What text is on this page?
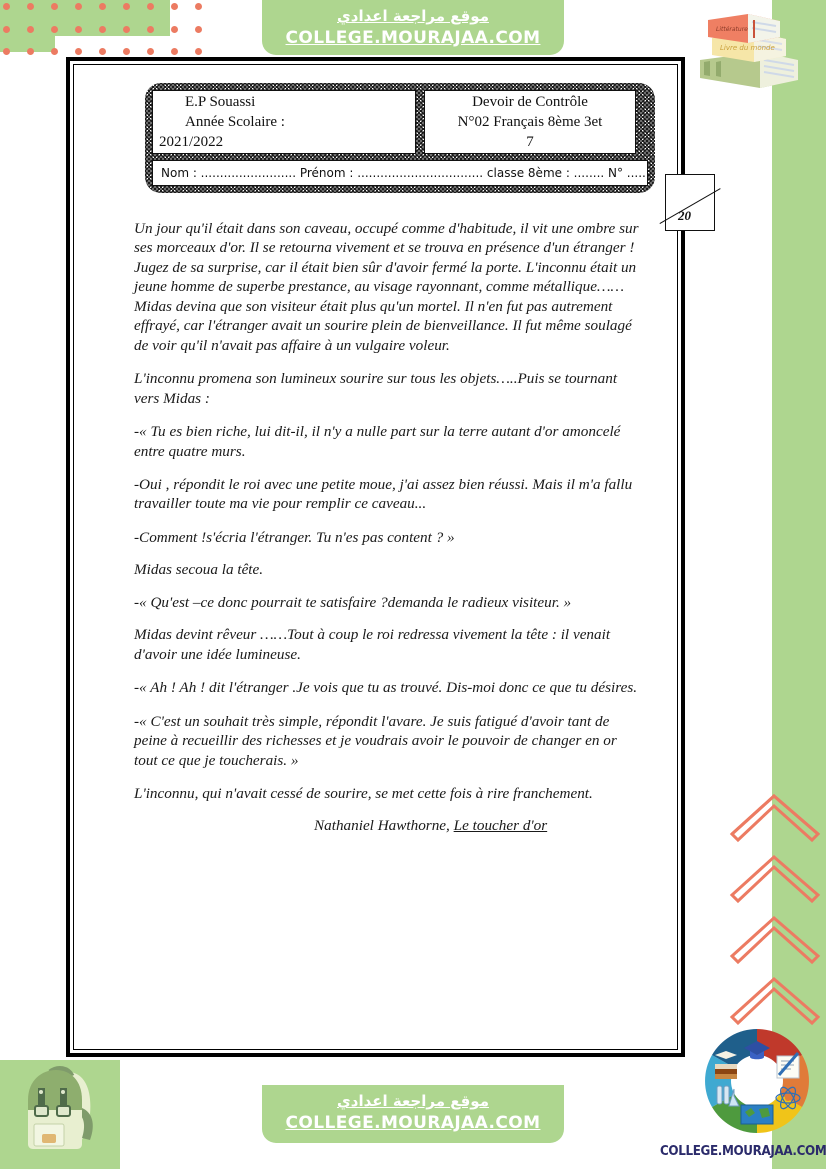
موقع مراجعة اعدادي
COLLEGE.MOURAJAA.COM
Livre du monde
Littérature
E.P Souassi
Année Scolaire :
2021/2022
Devoir de Contrôle
N°02 Français 8ème 3et
7
Nom : ......................... Prénom : ................................. classe 8ème : ........ N° ......
20

Un jour qu'il était dans son caveau, occupé comme d'habitude, il vit une ombre sur ses morceaux d'or. Il se retourna vivement et se trouva en présence d'un étranger ! Jugez de sa surprise, car il était bien sûr d'avoir fermé la porte. L'inconnu était un jeune homme de superbe prestance, au visage rayonnant, comme métallique……Midas devina que son visiteur était plus qu'un mortel. Il n'en fut pas autrement effrayé, car l'étranger avait un sourire plein de bienveillance. Il fut même soulagé de voir qu'il n'avait pas affaire à un vulgaire voleur.

L'inconnu promena son lumineux sourire sur tous les objets…..Puis se tournant vers Midas :

-« Tu es bien riche, lui dit-il, il n'y a nulle part sur la terre autant d'or amoncelé entre quatre murs.

-Oui , répondit le roi avec une petite moue, j'ai assez bien réussi. Mais il m'a fallu travailler toute ma vie pour remplir ce caveau...

-Comment !s'écria l'étranger. Tu n'es pas content ? »

Midas secoua la tête.

-« Qu'est –ce donc pourrait te satisfaire ?demanda le radieux visiteur. »

Midas devint rêveur ……Tout à coup le roi redressa vivement la tête : il venait d'avoir une idée lumineuse.

-« Ah ! Ah ! dit l'étranger .Je vois que tu as trouvé. Dis-moi donc ce que tu désires.

-« C'est un souhait très simple, répondit l'avare. Je suis fatigué d'avoir tant de peine à recueillir des richesses et je voudrais avoir le pouvoir de changer en or tout ce que je toucherais. »

L'inconnu, qui n'avait cessé de sourire, se met cette fois à rire franchement.

Nathaniel Hawthorne, Le toucher d'or

موقع مراجعة اعدادي
COLLEGE.MOURAJAA.COM
COLLEGE.MOURAJAA.COM
